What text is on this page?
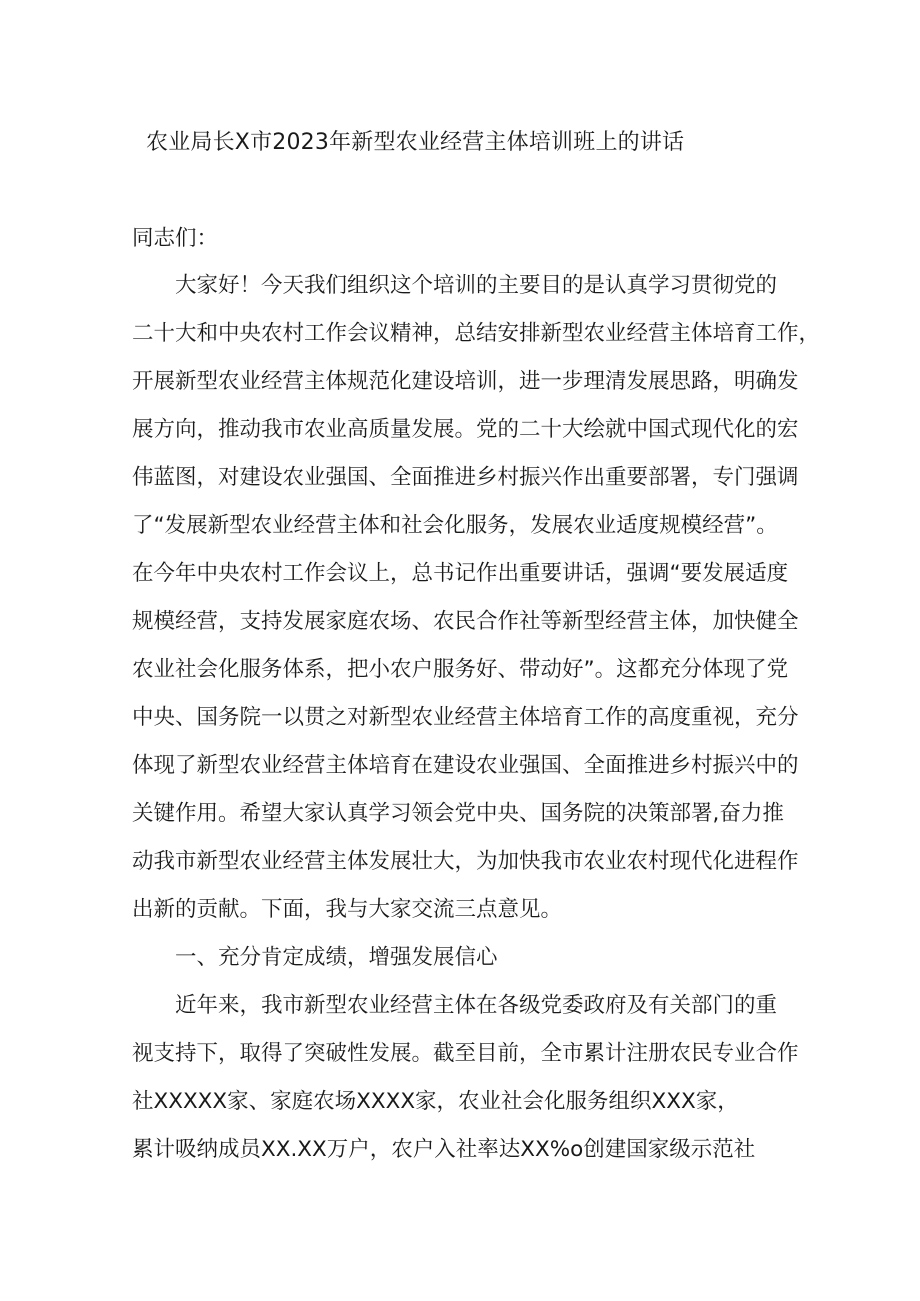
农业局长X市2023年新型农业经营主体培训班上的讲话
同志们：
　　大家好！今天我们组织这个培训的主要目的是认真学习贯彻党的
二十大和中央农村工作会议精神，总结安排新型农业经营主体培育工作，
开展新型农业经营主体规范化建设培训，进一步理清发展思路，明确发
展方向，推动我市农业高质量发展。党的二十大绘就中国式现代化的宏
伟蓝图，对建设农业强国、全面推进乡村振兴作出重要部署，专门强调
了“发展新型农业经营主体和社会化服务，发展农业适度规模经营”。
在今年中央农村工作会议上，总书记作出重要讲话，强调“要发展适度
规模经营，支持发展家庭农场、农民合作社等新型经营主体，加快健全
农业社会化服务体系，把小农户服务好、带动好”。这都充分体现了党
中央、国务院一以贯之对新型农业经营主体培育工作的高度重视，充分
体现了新型农业经营主体培育在建设农业强国、全面推进乡村振兴中的
关键作用。希望大家认真学习领会党中央、国务院的决策部署,奋力推
动我市新型农业经营主体发展壮大，为加快我市农业农村现代化进程作
出新的贡献。下面，我与大家交流三点意见。
　　一、充分肯定成绩，增强发展信心
　　近年来，我市新型农业经营主体在各级党委政府及有关部门的重
视支持下，取得了突破性发展。截至目前，全市累计注册农民专业合作
社XXXXX家、家庭农场XXXX家，农业社会化服务组织XXX家，
累计吸纳成员XX.XX万户，农户入社率达XX%o创建国家级示范社
